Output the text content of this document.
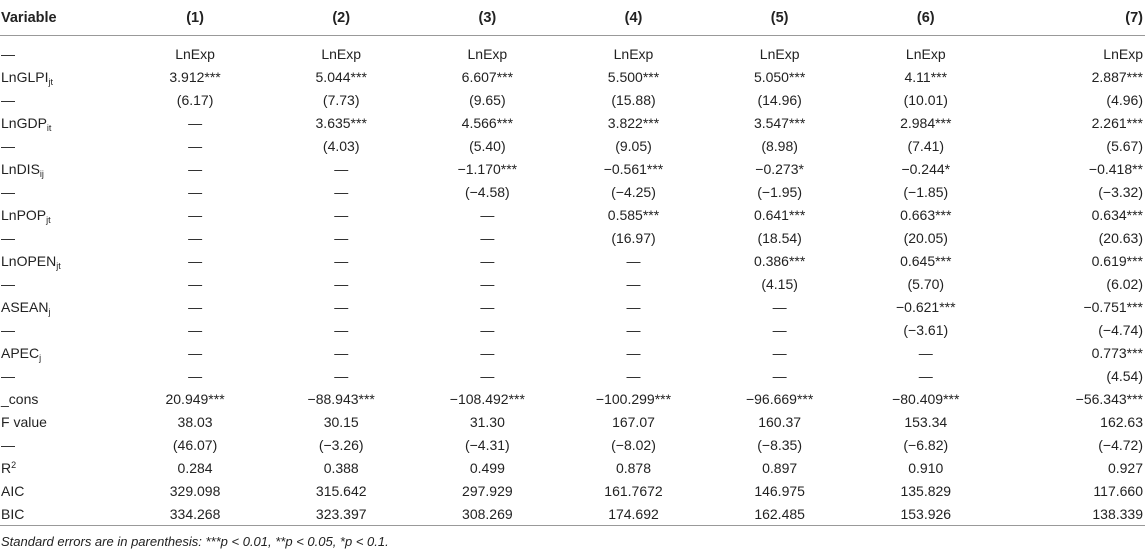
Variable	(1)	(2)	(3)	(4)	(5)	(6)	(7)
—	LnExp	LnExp	LnExp	LnExp	LnExp	LnExp	LnExp
LnGLPI$_{jt}$	3.912***	5.044***	6.607***	5.500***	5.050***	4.11***	2.887***
—	(6.17)	(7.73)	(9.65)	(15.88)	(14.96)	(10.01)	(4.96)
LnGDP$_{it}$	—	3.635***	4.566***	3.822***	3.547***	2.984***	2.261***
—	—	(4.03)	(5.40)	(9.05)	(8.98)	(7.41)	(5.67)
LnDIS$_{ij}$	—	—	−1.170***	−0.561***	−0.273*	−0.244*	−0.418**
—	—	—	(−4.58)	(−4.25)	(−1.95)	(−1.85)	(−3.32)
LnPOP$_{jt}$	—	—	—	0.585***	0.641***	0.663***	0.634***
—	—	—	—	(16.97)	(18.54)	(20.05)	(20.63)
LnOPEN$_{jt}$	—	—	—	—	0.386***	0.645***	0.619***
—	—	—	—	—	(4.15)	(5.70)	(6.02)
$ASEAN_j$	—	—	—	—	—	−0.621***	−0.751***
—	—	—	—	—	—	(−3.61)	(−4.74)
$APEC_j$	—	—	—	—	—	—	0.773***
—	—	—	—	—	—	—	(4.54)
_cons	20.949***	−88.943***	−108.492***	−100.299***	−96.669***	−80.409***	−56.343***
F value	38.03	30.15	31.30	167.07	160.37	153.34	162.63
—	(46.07)	(−3.26)	(−4.31)	(−8.02)	(−8.35)	(−6.82)	(−4.72)
$R^2$	0.284	0.388	0.499	0.878	0.897	0.910	0.927
AIC	329.098	315.642	297.929	161.7672	146.975	135.829	117.660
BIC	334.268	323.397	308.269	174.692	162.485	153.926	138.339
Standard errors are in parenthesis: ***p < 0.01, **p < 0.05, *p < 0.1.
